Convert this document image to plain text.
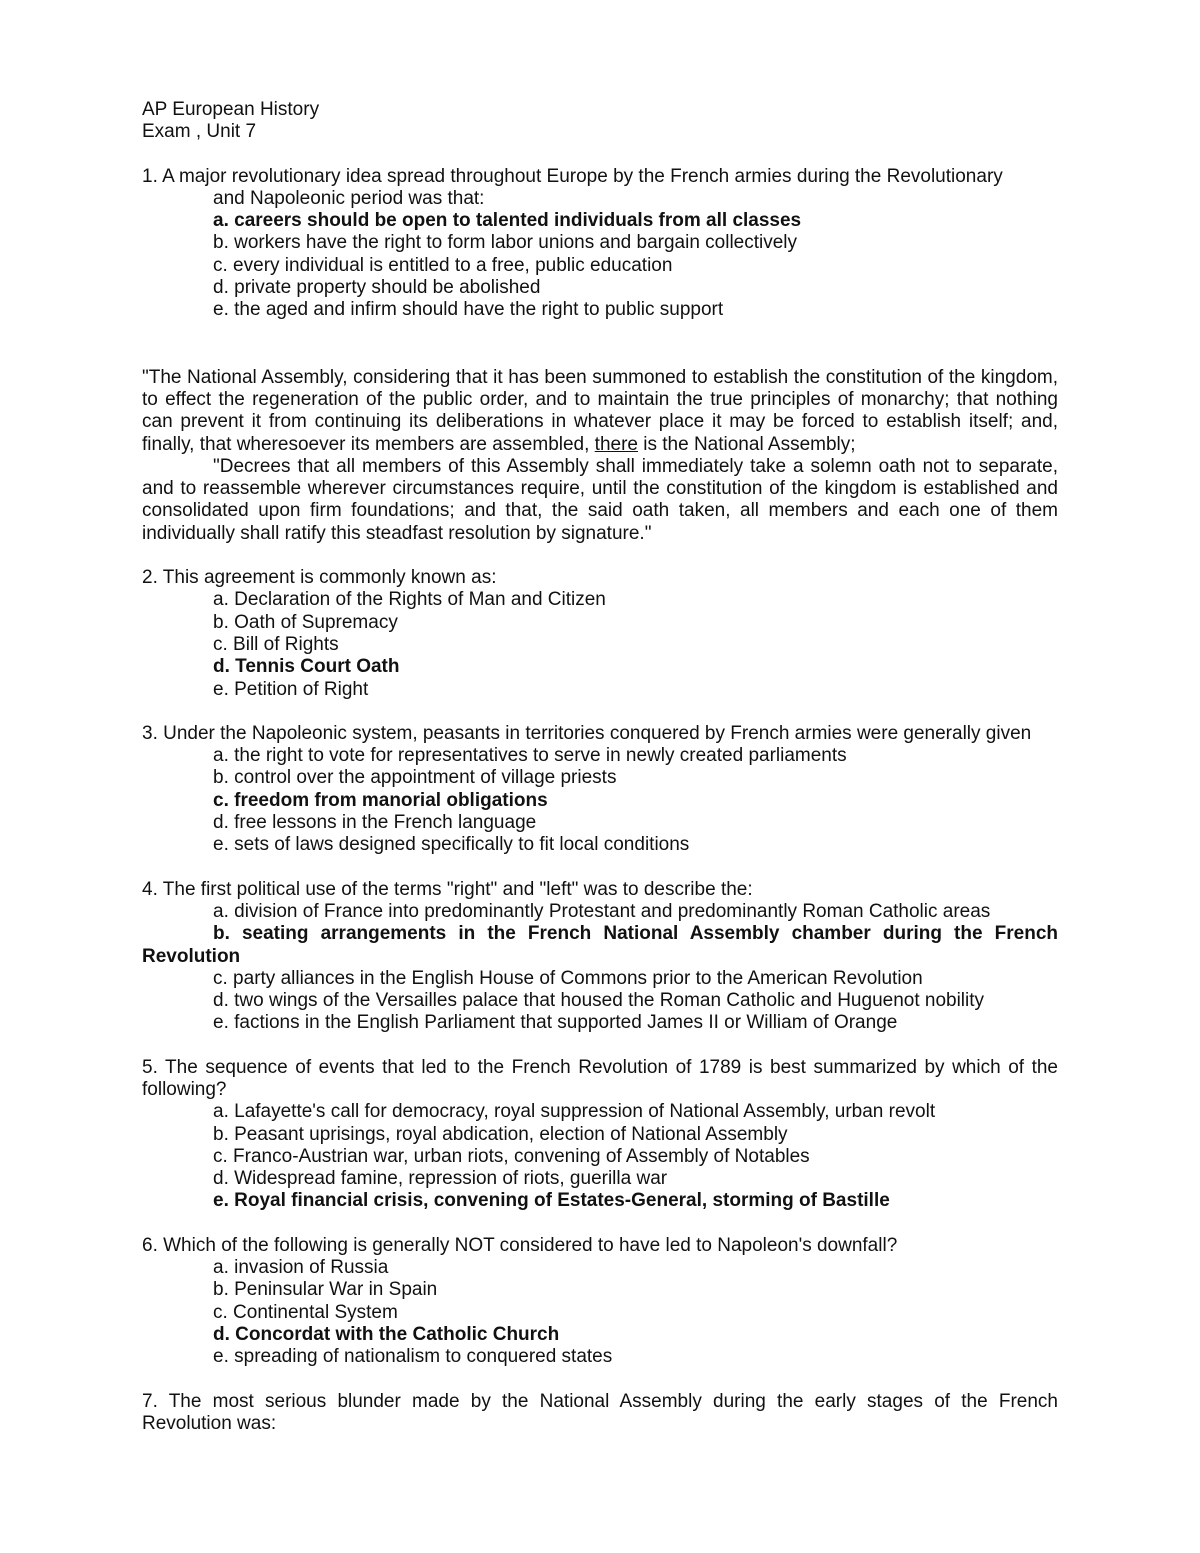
AP European History
Exam , Unit 7
1. A major revolutionary idea spread throughout Europe by the French armies during the Revolutionary
and Napoleonic period was that:
a. careers should be open to talented individuals from all classes
b. workers have the right to form labor unions and bargain collectively
c. every individual is entitled to a free, public education
d. private property should be abolished
e. the aged and infirm should have the right to public support
"The National Assembly, considering that it has been summoned to establish the constitution of the kingdom, to effect the regeneration of the public order, and to maintain the true principles of monarchy; that nothing can prevent it from continuing its deliberations in whatever place it may be forced to establish itself; and, finally, that wheresoever its members are assembled, there is the National Assembly;
"Decrees that all members of this Assembly shall immediately take a solemn oath not to separate, and to reassemble wherever circumstances require, until the constitution of the kingdom is established and consolidated upon firm foundations; and that, the said oath taken, all members and each one of them individually shall ratify this steadfast resolution by signature."
2. This agreement is commonly known as:
a. Declaration of the Rights of Man and Citizen
b. Oath of Supremacy
c. Bill of Rights
d. Tennis Court Oath
e. Petition of Right
3. Under the Napoleonic system, peasants in territories conquered by French armies were generally given
a. the right to vote for representatives to serve in newly created parliaments
b. control over the appointment of village priests
c. freedom from manorial obligations
d. free lessons in the French language
e. sets of laws designed specifically to fit local conditions
4. The first political use of the terms "right" and "left" was to describe the:
a. division of France into predominantly Protestant and predominantly Roman Catholic areas
b. seating arrangements in the French National Assembly chamber during the French Revolution
c. party alliances in the English House of Commons prior to the American Revolution
d. two wings of the Versailles palace that housed the Roman Catholic and Huguenot nobility
e. factions in the English Parliament that supported James II or William of Orange
5. The sequence of events that led to the French Revolution of 1789 is best summarized by which of the following?
a. Lafayette's call for democracy, royal suppression of National Assembly, urban revolt
b. Peasant uprisings, royal abdication, election of National Assembly
c. Franco-Austrian war, urban riots, convening of Assembly of Notables
d. Widespread famine, repression of riots, guerilla war
e. Royal financial crisis, convening of Estates-General, storming of Bastille
6. Which of the following is generally NOT considered to have led to Napoleon's downfall?
a. invasion of Russia
b. Peninsular War in Spain
c. Continental System
d. Concordat with the Catholic Church
e. spreading of nationalism to conquered states
7. The most serious blunder made by the National Assembly during the early stages of the French Revolution was:
